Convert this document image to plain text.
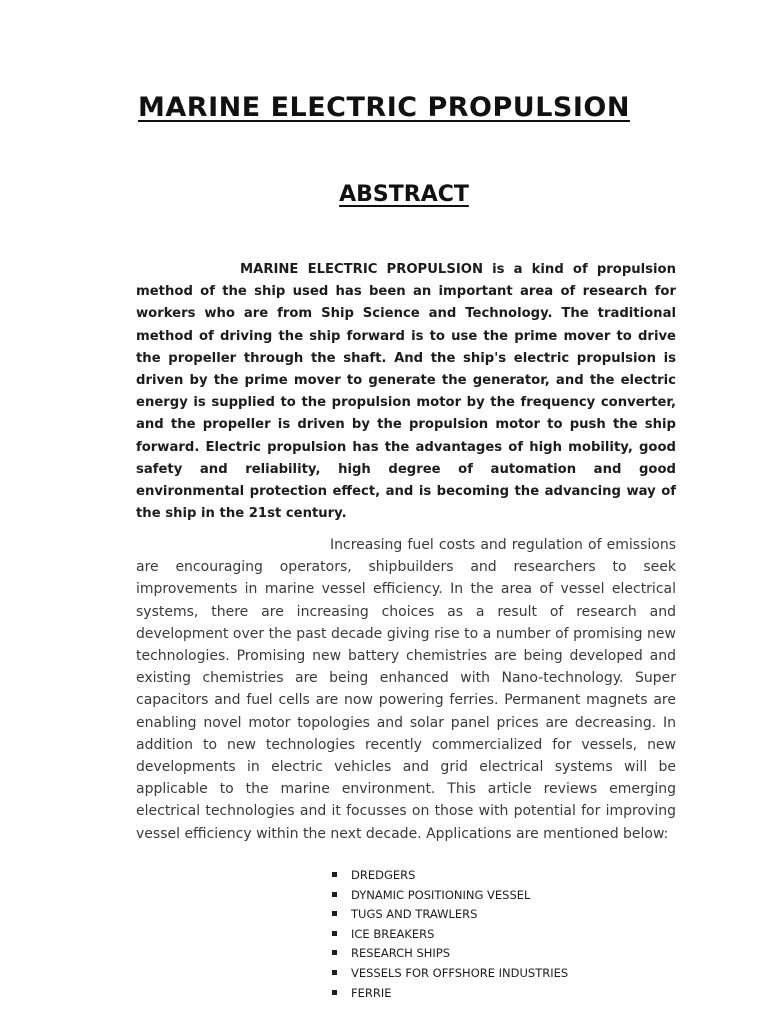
MARINE ELECTRIC PROPULSION
ABSTRACT

MARINE ELECTRIC PROPULSION is a kind of propulsion method of the ship used has been an important area of research for workers who are from Ship Science and Technology. The traditional method of driving the ship forward is to use the prime mover to drive the propeller through the shaft. And the ship's electric propulsion is driven by the prime mover to generate the generator, and the electric energy is supplied to the propulsion motor by the frequency converter, and the propeller is driven by the propulsion motor to push the ship forward. Electric propulsion has the advantages of high mobility, good safety and reliability, high degree of automation and good environmental protection effect, and is becoming the advancing way of the ship in the 21st century.

Increasing fuel costs and regulation of emissions are encouraging operators, shipbuilders and researchers to seek improvements in marine vessel efficiency. In the area of vessel electrical systems, there are increasing choices as a result of research and development over the past decade giving rise to a number of promising new technologies. Promising new battery chemistries are being developed and existing chemistries are being enhanced with Nano-technology. Super capacitors and fuel cells are now powering ferries. Permanent magnets are enabling novel motor topologies and solar panel prices are decreasing. In addition to new technologies recently commercialized for vessels, new developments in electric vehicles and grid electrical systems will be applicable to the marine environment. This article reviews emerging electrical technologies and it focusses on those with potential for improving vessel efficiency within the next decade. Applications are mentioned below:

DREDGERS
DYNAMIC POSITIONING VESSEL
TUGS AND TRAWLERS
ICE BREAKERS
RESEARCH SHIPS
VESSELS FOR OFFSHORE INDUSTRIES
FERRIE
